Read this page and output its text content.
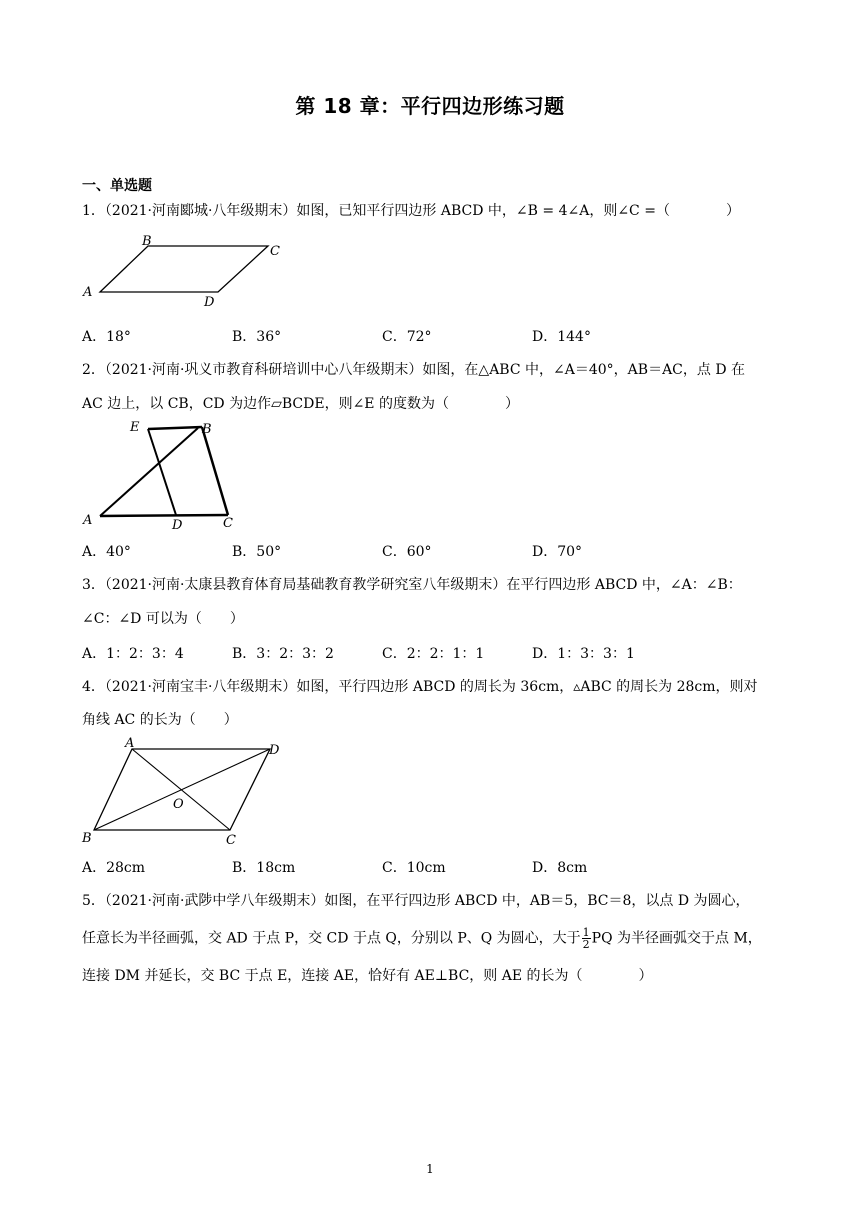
第 18 章：平行四边形练习题
一、单选题
1．（2021·河南郾城·八年级期末）如图，已知平行四边形 ABCD 中，∠B = 4∠A，则∠C =（　　　　）
B
C
A
D
A．18°	B．36°	C．72°	D．144°
2．（2021·河南·巩义市教育科研培训中心八年级期末）如图，在△ABC 中，∠A＝40°，AB＝AC，点 D 在
AC 边上，以 CB，CD 为边作▱BCDE，则∠E 的度数为（　　　　）
E	B
A	D	C
A．40°	B．50°	C．60°	D．70°
3．（2021·河南·太康县教育体育局基础教育教学研究室八年级期末）在平行四边形 ABCD 中，∠A：∠B：
∠C：∠D 可以为（　　）
A．1：2：3：4	B．3：2：3：2	C．2：2：1：1	D．1：3：3：1
4．（2021·河南宝丰·八年级期末）如图，平行四边形 ABCD 的周长为 36cm，▵ABC 的周长为 28cm，则对
角线 AC 的长为（　　）
A	D
O
B	C
A．28cm	B．18cm	C．10cm	D．8cm
5．（2021·河南·武陟中学八年级期末）如图，在平行四边形 ABCD 中，AB＝5，BC＝8，以点 D 为圆心，
任意长为半径画弧，交 AD 于点 P，交 CD 于点 Q，分别以 P、Q 为圆心，大于 $\frac{1}{2}$ PQ 为半径画弧交于点 M，
连接 DM 并延长，交 BC 于点 E，连接 AE，恰好有 AE⊥BC，则 AE 的长为（　　　　）
1
